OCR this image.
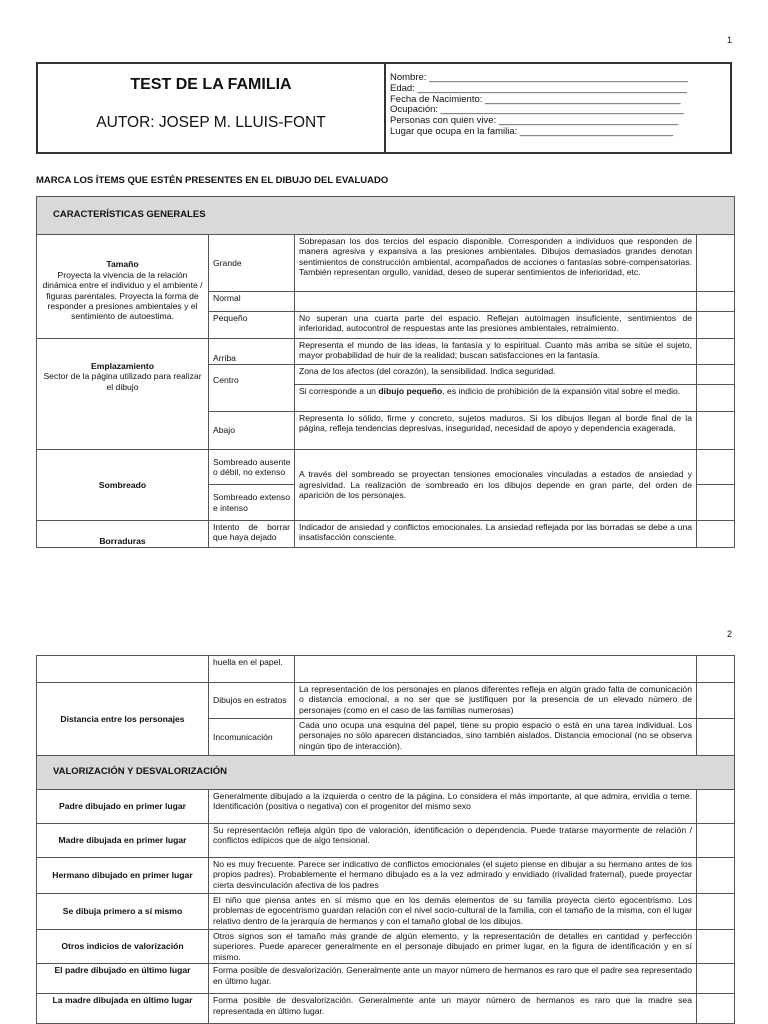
1
TEST DE LA FAMILIA
AUTOR: JOSEP M. LLUIS-FONT
Nombre: _________________________________________________
Edad: ___________________________________________________
Fecha de Nacimiento: _____________________________________
Ocupación: ______________________________________________
Personas con quien vive: __________________________________
Lugar que ocupa en la familia: _____________________________
MARCA LOS ÍTEMS QUE ESTÉN PRESENTES EN EL DIBUJO DEL EVALUADO
CARACTERÍSTICAS GENERALES			

Tamaño
Proyecta la vivencia de la relación dinámica entre el individuo y el ambiente / figuras parentales. Proyecta la forma de responder a presiones ambientales y el sentimiento de autoestima.	Grande	Sobrepasan los dos tercios del espacio disponible. Corresponden a individuos que responden de manera agresiva y expansiva a las presiones ambientales. Dibujos demasiados grandes denotan sentimientos de construcción ambiental, acompañados de acciones o fantasías sobre-compensatorias. También representan orgullo, vanidad, deseo de superar sentimientos de inferioridad, etc.	
	Normal		
	Pequeño	No superan una cuarta parte del espacio. Reflejan autoimagen insuficiente, sentimientos de inferioridad, autocontrol de respuestas ante las presiones ambientales, retraimiento.	

Emplazamiento
Sector de la página utilizado para realizar el dibujo	Arriba	Representa el mundo de las ideas, la fantasía y lo espiritual. Cuanto más arriba se sitúe el sujeto, mayor probabilidad de huir de la realidad; buscan satisfacciones en la fantasía.	
	Centro	Zona de los afectos (del corazón), la sensibilidad. Indica seguridad.	
		Si corresponde a un dibujo pequeño, es indicio de prohibición de la expansión vital sobre el medio.	
	Abajo	Representa lo sólido, firme y concreto, sujetos maduros. Si los dibujos llegan al borde final de la página, refleja tendencias depresivas, inseguridad, necesidad de apoyo y dependencia exagerada.	
Sombreado	Sombreado ausente o débil, no extenso	A través del sombreado se proyectan tensiones emocionales vinculadas a estados de ansiedad y agresividad. La realización de sombreado en los dibujos depende en gran parte, del orden de aparición de los personajes.	
	Sombreado extenso e intenso		
Borraduras	Intento de borrar que haya dejado	Indicador de ansiedad y conflictos emocionales. La ansiedad reflejada por las borradas se debe a una insatisfacción consciente.	
2
	huella en el papel.		
Distancia entre los personajes	Dibujos en estratos	La representación de los personajes en planos diferentes refleja en algún grado falta de comunicación o distancia emocional, a no ser que se justifiquen por la presencia de un elevado número de personajes (como en el caso de las familias numerosas)	
	Incomunicación	Cada uno ocupa una esquina del papel, tiene su propio espacio o está en una tarea individual. Los personajes no sólo aparecen distanciados, sino también aislados. Distancia emocional (no se observa ningún tipo de interacción).	
VALORIZACIÓN Y DESVALORIZACIÓN			
Padre dibujado en primer lugar	Generalmente dibujado a la izquierda o centro de la página. Lo considera el más importante, al que admira, envidia o teme. Identificación (positiva o negativa) con el progenitor del mismo sexo		
Madre dibujada en primer lugar	Su representación refleja algún tipo de valoración, identificación o dependencia. Puede tratarse mayormente de relación / conflictos edípicos que de algo tensional.		
Hermano dibujado en primer lugar	No es muy frecuente. Parece ser indicativo de conflictos emocionales (el sujeto piense en dibujar a su hermano antes de los propios padres). Probablemente el hermano dibujado es a la vez admirado y envidiado (rivalidad fraternal), puede proyectar cierta desvinculación afectiva de los padres		
Se dibuja primero a sí mismo	El niño que piensa antes en sí mismo que en los demás elementos de su familia proyecta cierto egocentrismo. Los problemas de egocentrismo guardan relación con el nivel socio-cultural de la familia, con el tamaño de la misma, con el lugar relativo dentro de la jerarquía de hermanos y con el tamaño global de los dibujos.		
Otros indicios de valorización	Otros signos son el tamaño más grande de algún elemento, y la representación de detalles en cantidad y perfección superiores. Puede aparecer generalmente en el personaje dibujado en primer lugar, en la figura de identificación y en sí mismo.		
El padre dibujado en último lugar	Forma posible de desvalorización. Generalmente ante un mayor número de hermanos es raro que el padre sea representado en último lugar.		
La madre dibujada en último lugar	Forma posible de desvalorización. Generalmente ante un mayor número de hermanos es raro que la madre sea representada en último lugar.		
